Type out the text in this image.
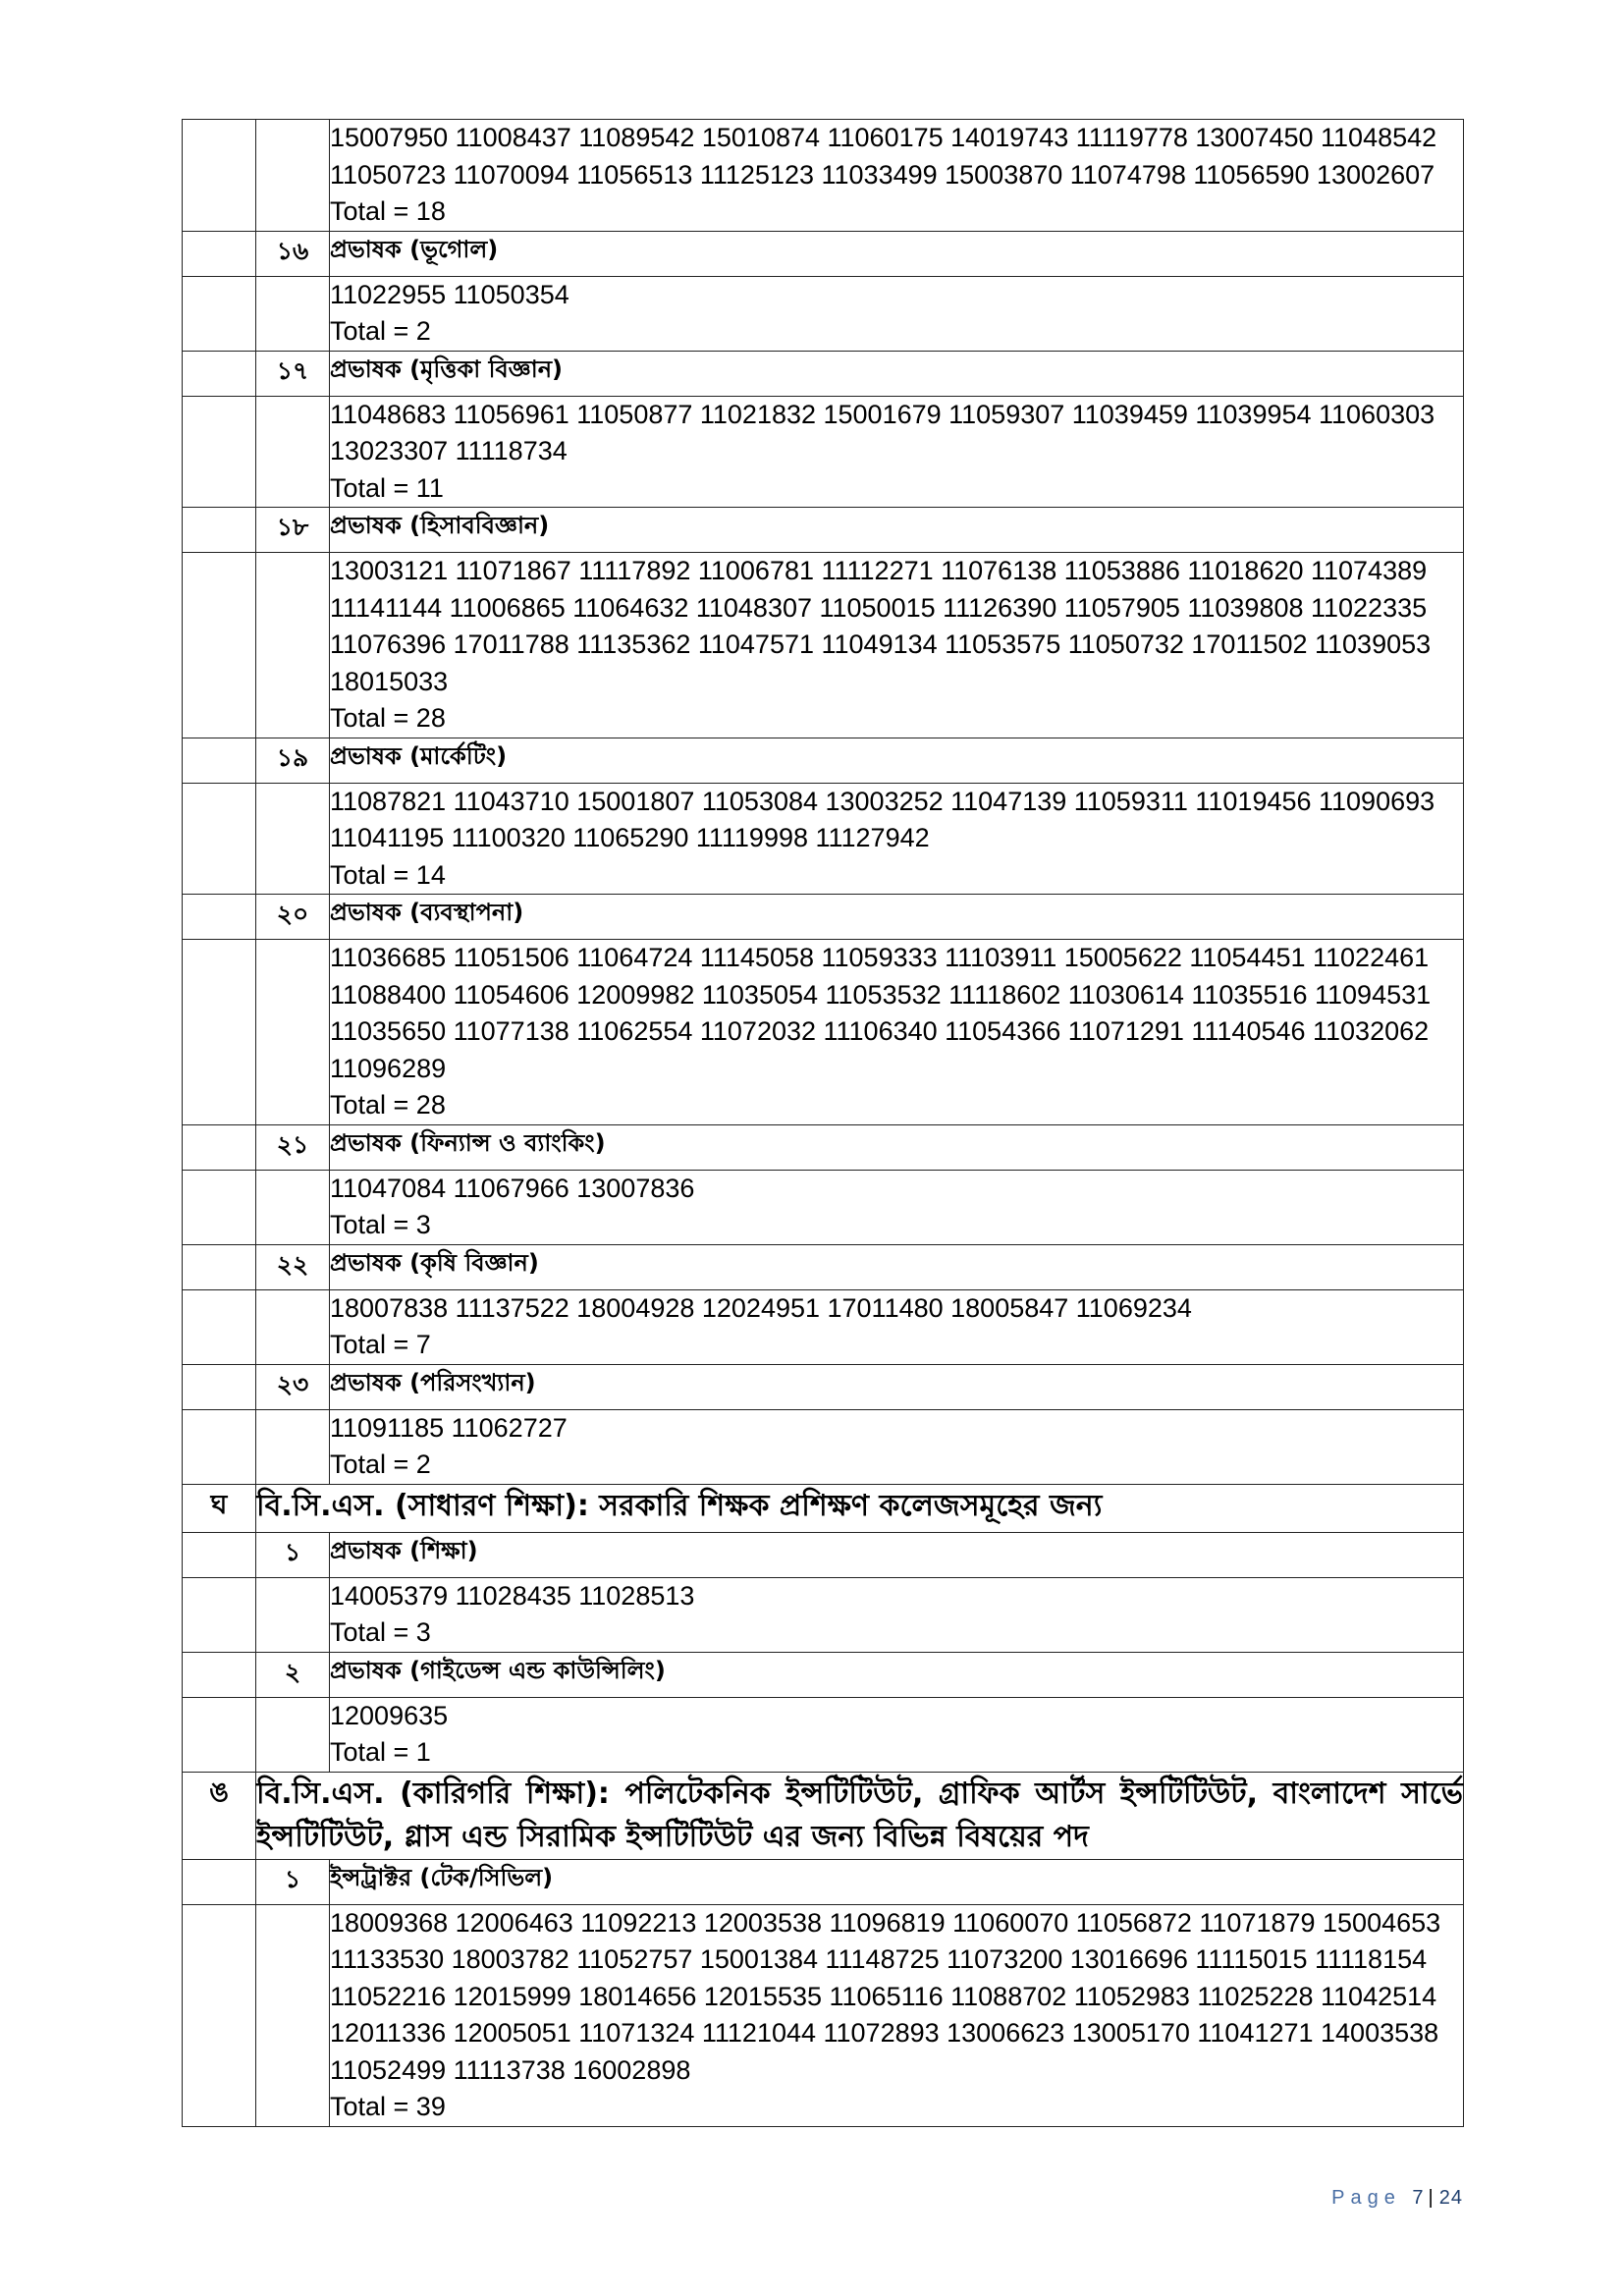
		15007950 11008437 11089542 15010874 11060175 14019743 11119778 13007450 11048542 11050723 11070094 11056513 11125123 11033499 15003870 11074798 11056590 13002607
Total = 18

	১৬	প্রভাষক (ভূগোল)

		11022955 11050354
Total = 2

	১৭	প্রভাষক (মৃত্তিকা বিজ্ঞান)

		11048683 11056961 11050877 11021832 15001679 11059307 11039459 11039954 11060303 13023307 11118734
Total = 11

	১৮	প্রভাষক (হিসাববিজ্ঞান)

		13003121 11071867 11117892 11006781 11112271 11076138 11053886 11018620 11074389 11141144 11006865 11064632 11048307 11050015 11126390 11057905 11039808 11022335 11076396 17011788 11135362 11047571 11049134 11053575 11050732 17011502 11039053 18015033
Total = 28

	১৯	প্রভাষক (মার্কেটিং)

		11087821 11043710 15001807 11053084 13003252 11047139 11059311 11019456 11090693 11041195 11100320 11065290 11119998 11127942
Total = 14

	২০	প্রভাষক (ব্যবস্থাপনা)

		11036685 11051506 11064724 11145058 11059333 11103911 15005622 11054451 11022461 11088400 11054606 12009982 11035054 11053532 11118602 11030614 11035516 11094531 11035650 11077138 11062554 11072032 11106340 11054366 11071291 11140546 11032062 11096289
Total = 28

	২১	প্রভাষক (ফিন্যান্স ও ব্যাংকিং)

		11047084 11067966 13007836
Total = 3

	২২	প্রভাষক (কৃষি বিজ্ঞান)

		18007838 11137522 18004928 12024951 17011480 18005847 11069234
Total = 7

	২৩	প্রভাষক (পরিসংখ্যান)

		11091185 11062727
Total = 2

ঘ	বি.সি.এস. (সাধারণ শিক্ষা): সরকারি শিক্ষক প্রশিক্ষণ কলেজসমূহের জন্য	
	১	প্রভাষক (শিক্ষা)

		14005379 11028435 11028513
Total = 3

	২	প্রভাষক (গাইডেন্স এন্ড কাউন্সিলিং)

		12009635
Total = 1

ঙ	বি.সি.এস. (কারিগরি শিক্ষা): পলিটেকনিক ইন্সটিটিউট, গ্রাফিক আর্টস ইন্সটিটিউট, বাংলাদেশ সার্ভে ইন্সটিটিউট, গ্লাস এন্ড সিরামিক ইন্সটিটিউট এর জন্য বিভিন্ন বিষয়ের পদ	
	১	ইন্সট্রাক্টর (টেক/সিভিল)

		18009368 12006463 11092213 12003538 11096819 11060070 11056872 11071879 15004653 11133530 18003782 11052757 15001384 11148725 11073200 13016696 11115015 11118154 11052216 12015999 18014656 12015535 11065116 11088702 11052983 11025228 11042514 12011336 12005051 11071324 11121044 11072893 13006623 13005170 11041271 14003538 11052499 11113738 16002898
Total = 39
Page 7 | 24
